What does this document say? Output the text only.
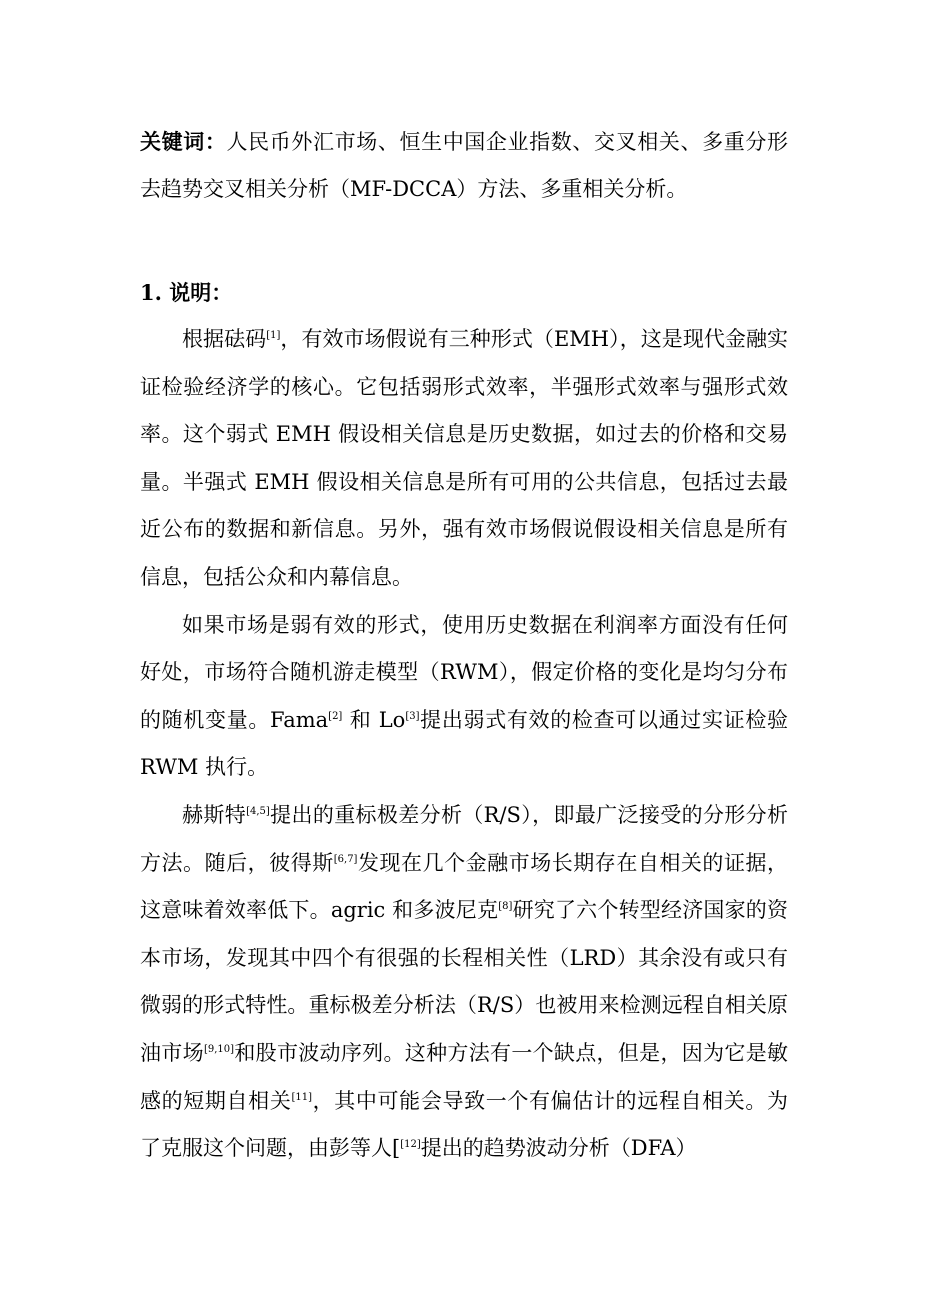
关键词：人民币外汇市场、恒生中国企业指数、交叉相关、多重分形去趋势交叉相关分析（MF-DCCA）方法、多重相关分析。

1. 说明：

根据砝码[1]，有效市场假说有三种形式（EMH），这是现代金融实证检验经济学的核心。它包括弱形式效率，半强形式效率与强形式效率。这个弱式 EMH 假设相关信息是历史数据，如过去的价格和交易量。半强式 EMH 假设相关信息是所有可用的公共信息，包括过去最近公布的数据和新信息。另外，强有效市场假说假设相关信息是所有信息，包括公众和内幕信息。

如果市场是弱有效的形式，使用历史数据在利润率方面没有任何好处，市场符合随机游走模型（RWM），假定价格的变化是均匀分布的随机变量。Fama[2] 和 Lo[3]提出弱式有效的检查可以通过实证检验 RWM 执行。

赫斯特[4,5]提出的重标极差分析（R/S），即最广泛接受的分形分析方法。随后，彼得斯[6,7]发现在几个金融市场长期存在自相关的证据，这意味着效率低下。agric 和多波尼克[8]研究了六个转型经济国家的资本市场，发现其中四个有很强的长程相关性（LRD）其余没有或只有微弱的形式特性。重标极差分析法（R/S）也被用来检测远程自相关原油市场[9,10]和股市波动序列。这种方法有一个缺点，但是，因为它是敏感的短期自相关[11]，其中可能会导致一个有偏估计的远程自相关。为了克服这个问题，由彭等人[[12]提出的趋势波动分析（DFA）
